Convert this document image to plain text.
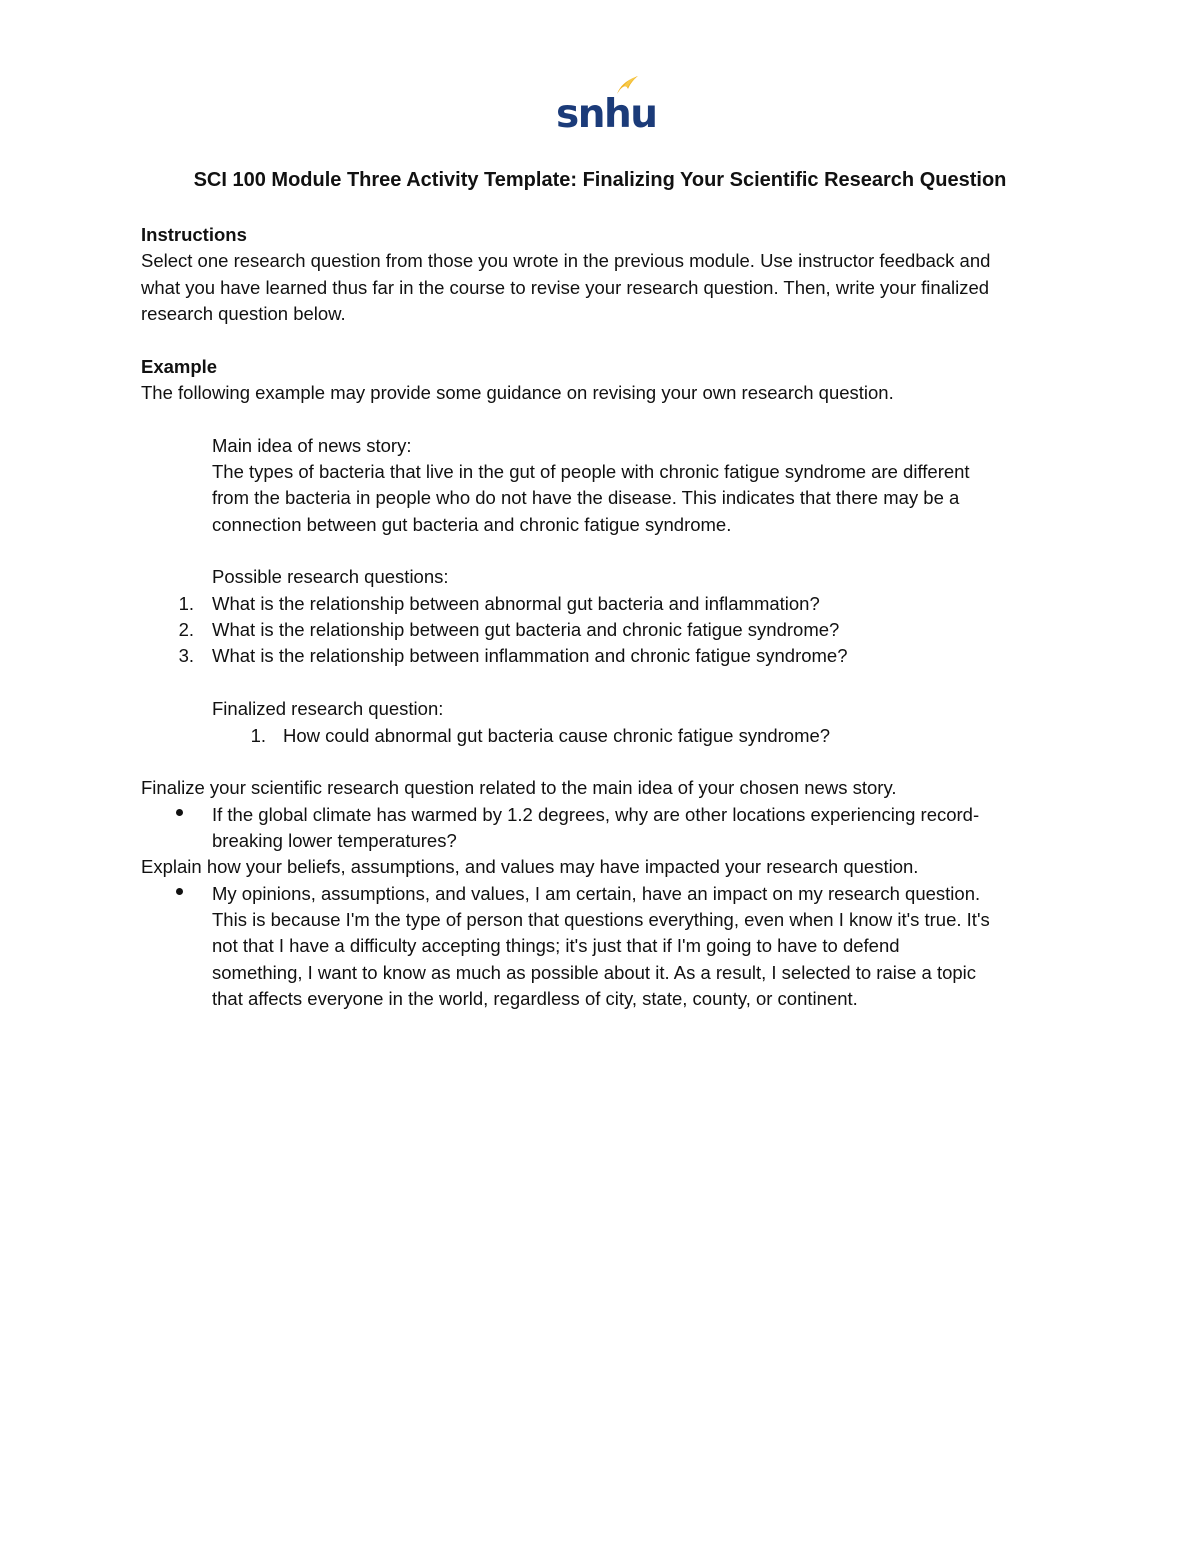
snhu
SCI 100 Module Three Activity Template: Finalizing Your Scientific Research Question
Instructions
Select one research question from those you wrote in the previous module. Use instructor feedback and
what you have learned thus far in the course to revise your research question. Then, write your finalized
research question below.
Example
The following example may provide some guidance on revising your own research question.
Main idea of news story:
The types of bacteria that live in the gut of people with chronic fatigue syndrome are different
from the bacteria in people who do not have the disease. This indicates that there may be a
connection between gut bacteria and chronic fatigue syndrome.
Possible research questions:
1. What is the relationship between abnormal gut bacteria and inflammation?
2. What is the relationship between gut bacteria and chronic fatigue syndrome?
3. What is the relationship between inflammation and chronic fatigue syndrome?
Finalized research question:
1. How could abnormal gut bacteria cause chronic fatigue syndrome?
Finalize your scientific research question related to the main idea of your chosen news story.
If the global climate has warmed by 1.2 degrees, why are other locations experiencing record-
breaking lower temperatures?
Explain how your beliefs, assumptions, and values may have impacted your research question.
My opinions, assumptions, and values, I am certain, have an impact on my research question.
This is because I'm the type of person that questions everything, even when I know it's true. It's
not that I have a difficulty accepting things; it's just that if I'm going to have to defend
something, I want to know as much as possible about it. As a result, I selected to raise a topic
that affects everyone in the world, regardless of city, state, county, or continent.
